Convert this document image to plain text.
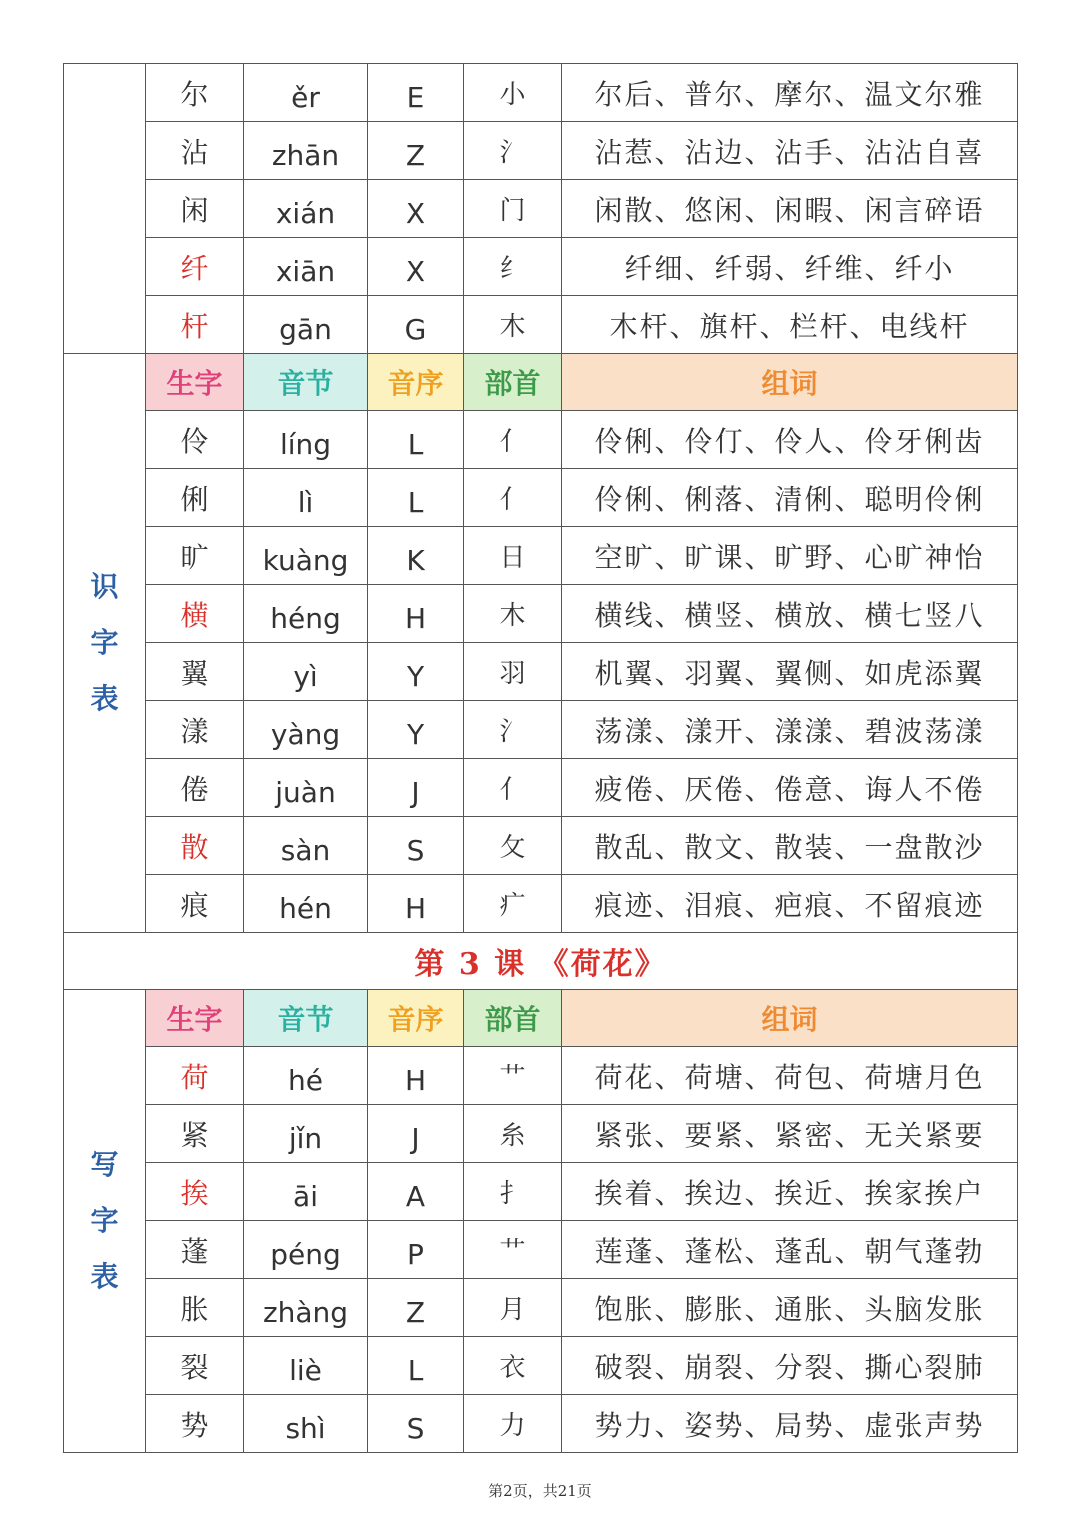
	尔	ěr	E	小	尔后、普尔、摩尔、温文尔雅
	沾	zhān	Z	氵	沾惹、沾边、沾手、沾沾自喜
	闲	xián	X	门	闲散、悠闲、闲暇、闲言碎语
	纤	xiān	X	纟	纤细、纤弱、纤维、纤小
	杆	gān	G	木	木杆、旗杆、栏杆、电线杆

识
字
表	生字	音节	音序	部首	组词
	伶	líng	L	亻	伶俐、伶仃、伶人、伶牙俐齿
	俐	lì	L	亻	伶俐、俐落、清俐、聪明伶俐
	旷	kuàng	K	日	空旷、旷课、旷野、心旷神怡
	横	héng	H	木	横线、横竖、横放、横七竖八
	翼	yì	Y	羽	机翼、羽翼、翼侧、如虎添翼
	漾	yàng	Y	氵	荡漾、漾开、漾漾、碧波荡漾
	倦	juàn	J	亻	疲倦、厌倦、倦意、诲人不倦
	散	sàn	S	攵	散乱、散文、散装、一盘散沙
	痕	hén	H	疒	痕迹、泪痕、疤痕、不留痕迹
第 3 课 《荷花》					

写
字
表	生字	音节	音序	部首	组词
	荷	hé	H	艹	荷花、荷塘、荷包、荷塘月色
	紧	jǐn	J	糸	紧张、要紧、紧密、无关紧要
	挨	āi	A	扌	挨着、挨边、挨近、挨家挨户
	蓬	péng	P	艹	莲蓬、蓬松、蓬乱、朝气蓬勃
	胀	zhàng	Z	月	饱胀、膨胀、通胀、头脑发胀
	裂	liè	L	衣	破裂、崩裂、分裂、撕心裂肺
	势	shì	S	力	势力、姿势、局势、虚张声势
第2页，共21页
